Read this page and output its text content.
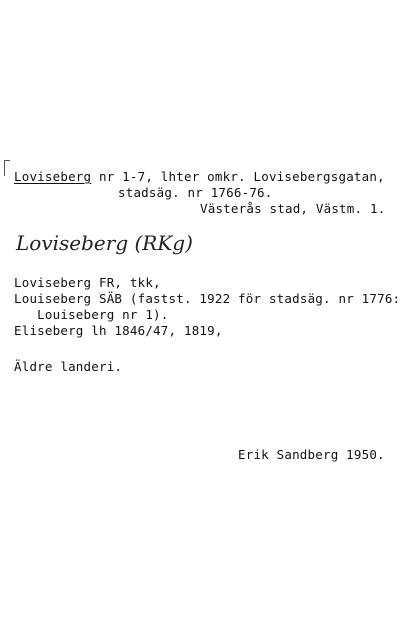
Loviseberg nr 1-7, lhter omkr. Lovisebergsgatan,
stadsäg. nr 1766-76.
Västerås stad, Västm. 1.
Loviseberg (RKg)
Loviseberg FR, tkk,
Louiseberg SÄB (fastst. 1922 för stadsäg. nr 1776:
Louiseberg nr 1).
Eliseberg lh 1846/47, 1819,
Äldre landeri.
Erik Sandberg 1950.
